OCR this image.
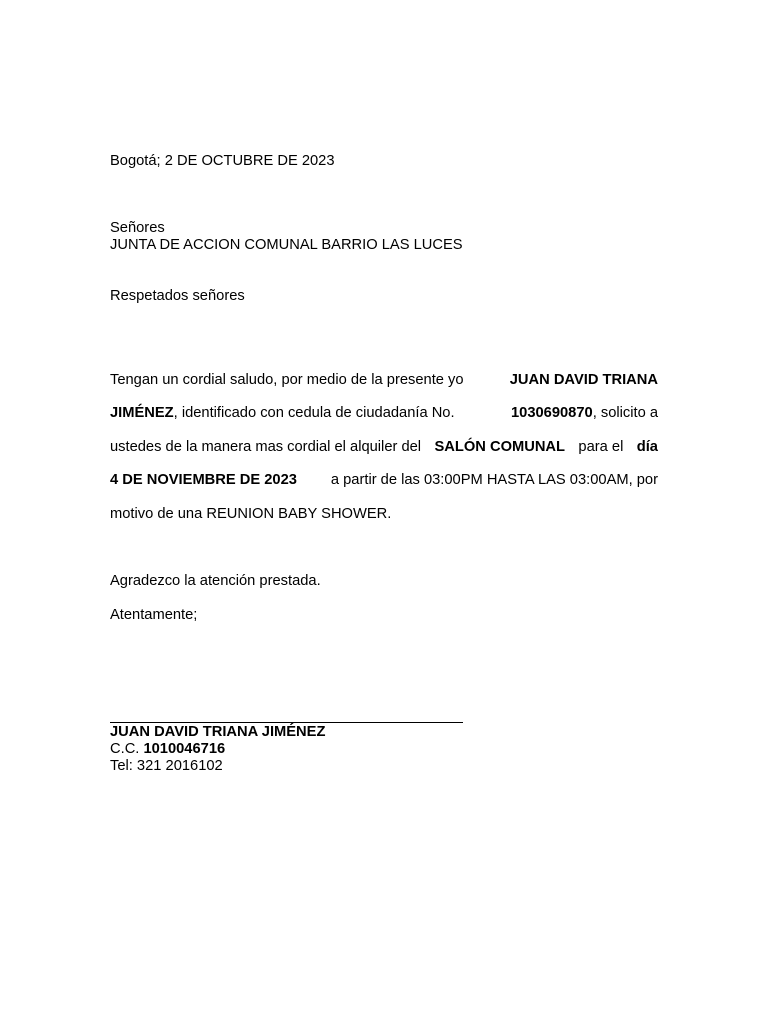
Bogotá; 2 DE OCTUBRE DE 2023
Señores
JUNTA DE ACCION COMUNAL BARRIO LAS LUCES
Respetados señores
Tengan un cordial saludo, por medio de la presente yo	JUAN DAVID TRIANA
JIMÉNEZ, identificado con cedula de ciudadanía No.	1030690870, solicito a
ustedes de la manera mas cordial el alquiler del SALÓN COMUNAL para el día
4 DE NOVIEMBRE DE 2023 a partir de las 03:00PM HASTA LAS 03:00AM, por
motivo de una REUNION BABY SHOWER.
Agradezco la atención prestada.
Atentamente;
JUAN DAVID TRIANA JIMÉNEZ
C.C. 1010046716
Tel: 321 2016102
